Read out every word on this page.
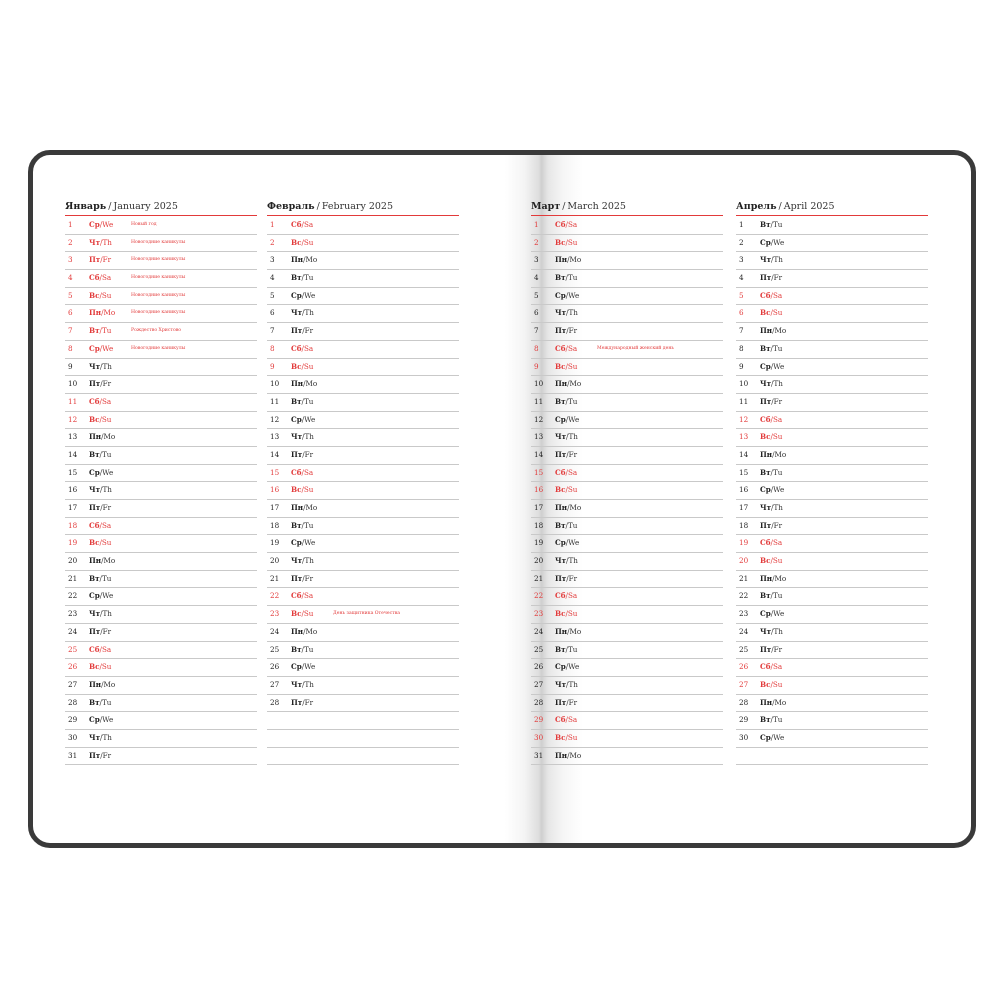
Январь / January 2025
1 Ср/We	Новый год
2 Чт/Th	Новогодние каникулы
3 Пт/Fr	Новогодние каникулы
4 Сб/Sa	Новогодние каникулы
5 Вс/Su	Новогодние каникулы
6 Пн/Mo	Новогодние каникулы
7 Вт/Tu	Рождество Христово
8 Ср/We	Новогодние каникулы
9 Чт/Th
10 Пт/Fr
11 Сб/Sa
12 Вс/Su
13 Пн/Mo
14 Вт/Tu
15 Ср/We
16 Чт/Th
17 Пт/Fr
18 Сб/Sa
19 Вс/Su
20 Пн/Mo
21 Вт/Tu
22 Ср/We
23 Чт/Th
24 Пт/Fr
25 Сб/Sa
26 Вс/Su
27 Пн/Mo
28 Вт/Tu
29 Ср/We
30 Чт/Th
31 Пт/Fr
Февраль / February 2025
1 Сб/Sa
2 Вс/Su
3 Пн/Mo
4 Вт/Tu
5 Ср/We
6 Чт/Th
7 Пт/Fr
8 Сб/Sa
9 Вс/Su
10 Пн/Mo
11 Вт/Tu
12 Ср/We
13 Чт/Th
14 Пт/Fr
15 Сб/Sa
16 Вс/Su
17 Пн/Mo
18 Вт/Tu
19 Ср/We
20 Чт/Th
21 Пт/Fr
22 Сб/Sa
23 Вс/Su	День защитника Отечества
24 Пн/Mo
25 Вт/Tu
26 Ср/We
27 Чт/Th
28 Пт/Fr
Март / March 2025
1 Сб/Sa
2 Вс/Su
3 Пн/Mo
4 Вт/Tu
5 Ср/We
6 Чт/Th
7 Пт/Fr
8 Сб/Sa	Международный женский день
9 Вс/Su
10 Пн/Mo
11 Вт/Tu
12 Ср/We
13 Чт/Th
14 Пт/Fr
15 Сб/Sa
16 Вс/Su
17 Пн/Mo
18 Вт/Tu
19 Ср/We
20 Чт/Th
21 Пт/Fr
22 Сб/Sa
23 Вс/Su
24 Пн/Mo
25 Вт/Tu
26 Ср/We
27 Чт/Th
28 Пт/Fr
29 Сб/Sa
30 Вс/Su
31 Пн/Mo
Апрель / April 2025
1 Вт/Tu
2 Ср/We
3 Чт/Th
4 Пт/Fr
5 Сб/Sa
6 Вс/Su
7 Пн/Mo
8 Вт/Tu
9 Ср/We
10 Чт/Th
11 Пт/Fr
12 Сб/Sa
13 Вс/Su
14 Пн/Mo
15 Вт/Tu
16 Ср/We
17 Чт/Th
18 Пт/Fr
19 Сб/Sa
20 Вс/Su
21 Пн/Mo
22 Вт/Tu
23 Ср/We
24 Чт/Th
25 Пт/Fr
26 Сб/Sa
27 Вс/Su
28 Пн/Mo
29 Вт/Tu
30 Ср/We
